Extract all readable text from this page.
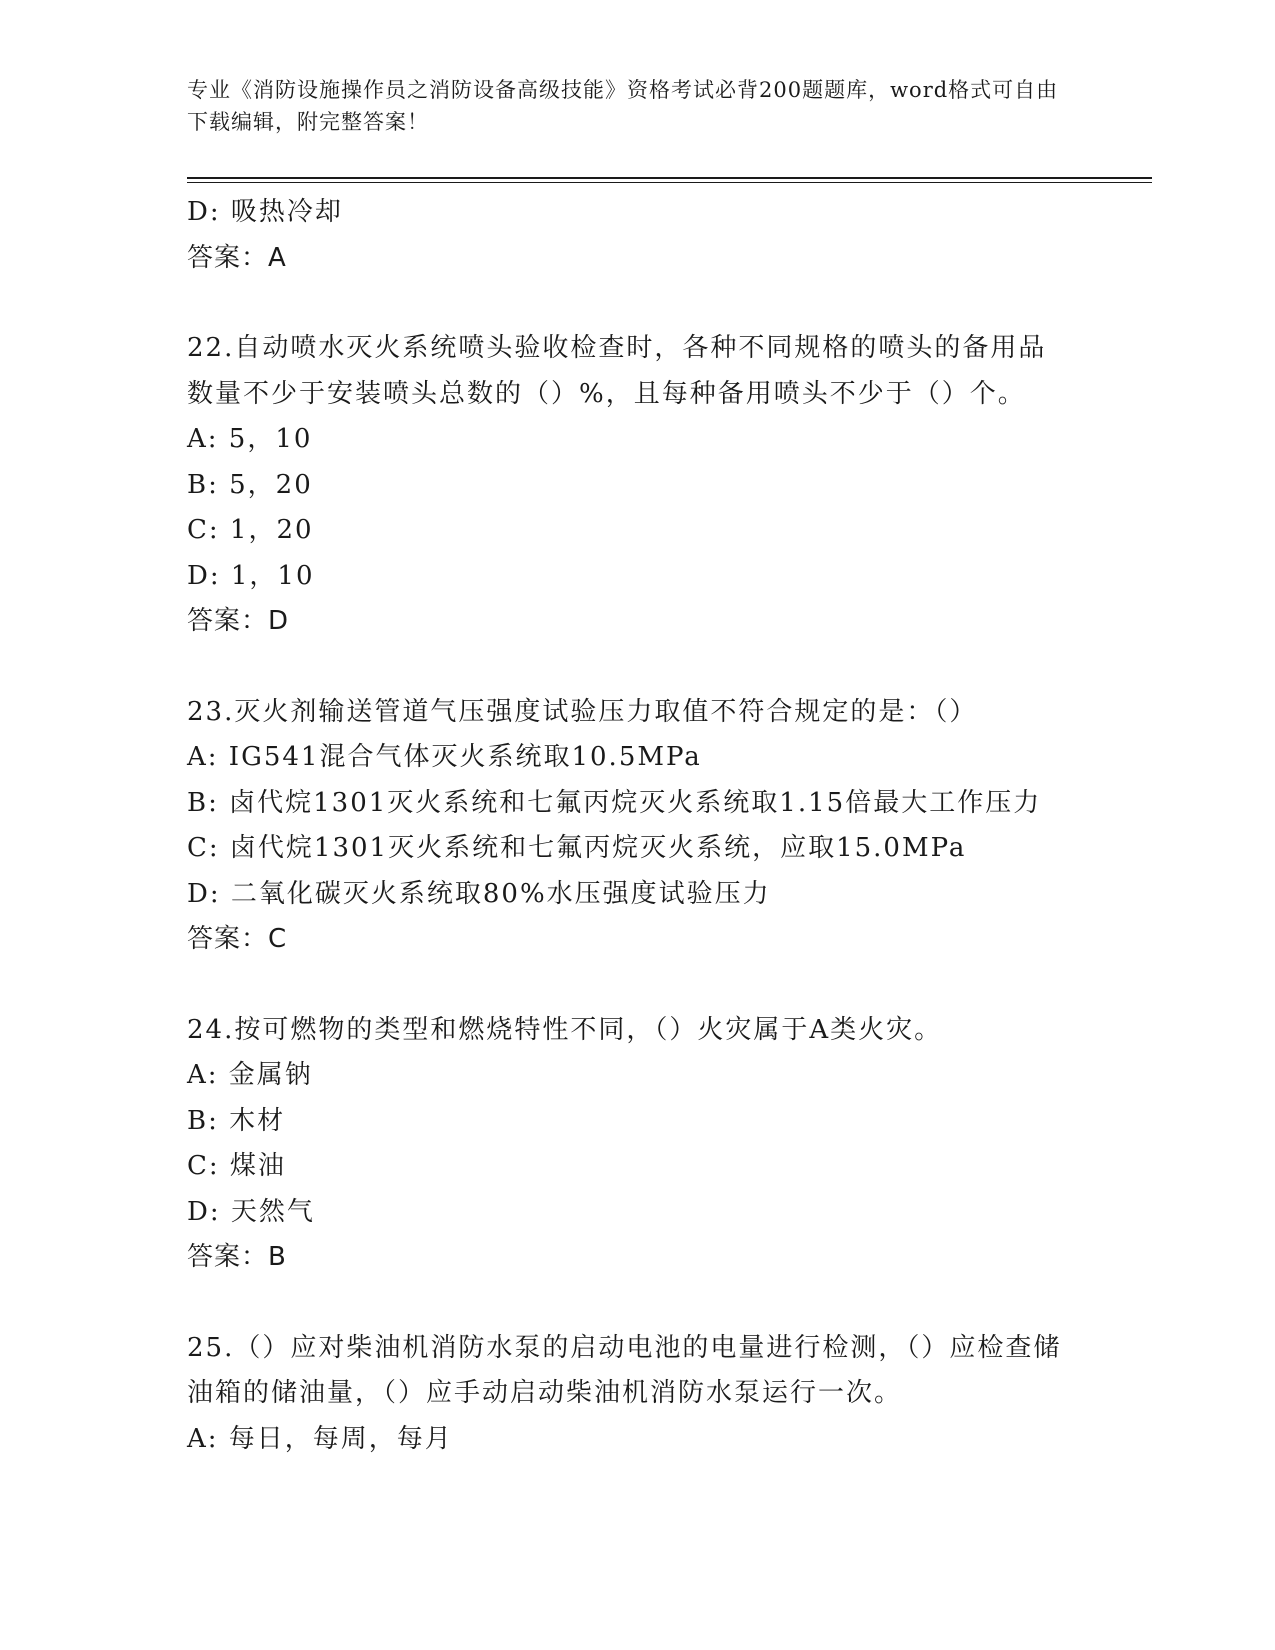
专业《消防设施操作员之消防设备高级技能》资格考试必背200题题库，word格式可自由下载编辑，附完整答案！
D: 吸热冷却
答案：A
22.自动喷水灭火系统喷头验收检查时，各种不同规格的喷头的备用品数量不少于安装喷头总数的（）%，且每种备用喷头不少于（）个。
A: 5，10
B: 5，20
C: 1，20
D: 1，10
答案：D
23.灭火剂输送管道气压强度试验压力取值不符合规定的是：（）
A: IG541混合气体灭火系统取10.5MPa
B: 卤代烷1301灭火系统和七氟丙烷灭火系统取1.15倍最大工作压力
C: 卤代烷1301灭火系统和七氟丙烷灭火系统，应取15.0MPa
D: 二氧化碳灭火系统取80%水压强度试验压力
答案：C
24.按可燃物的类型和燃烧特性不同，（）火灾属于A类火灾。
A: 金属钠
B: 木材
C: 煤油
D: 天然气
答案：B
25.（）应对柴油机消防水泵的启动电池的电量进行检测，（）应检查储油箱的储油量，（）应手动启动柴油机消防水泵运行一次。
A: 每日，每周，每月
